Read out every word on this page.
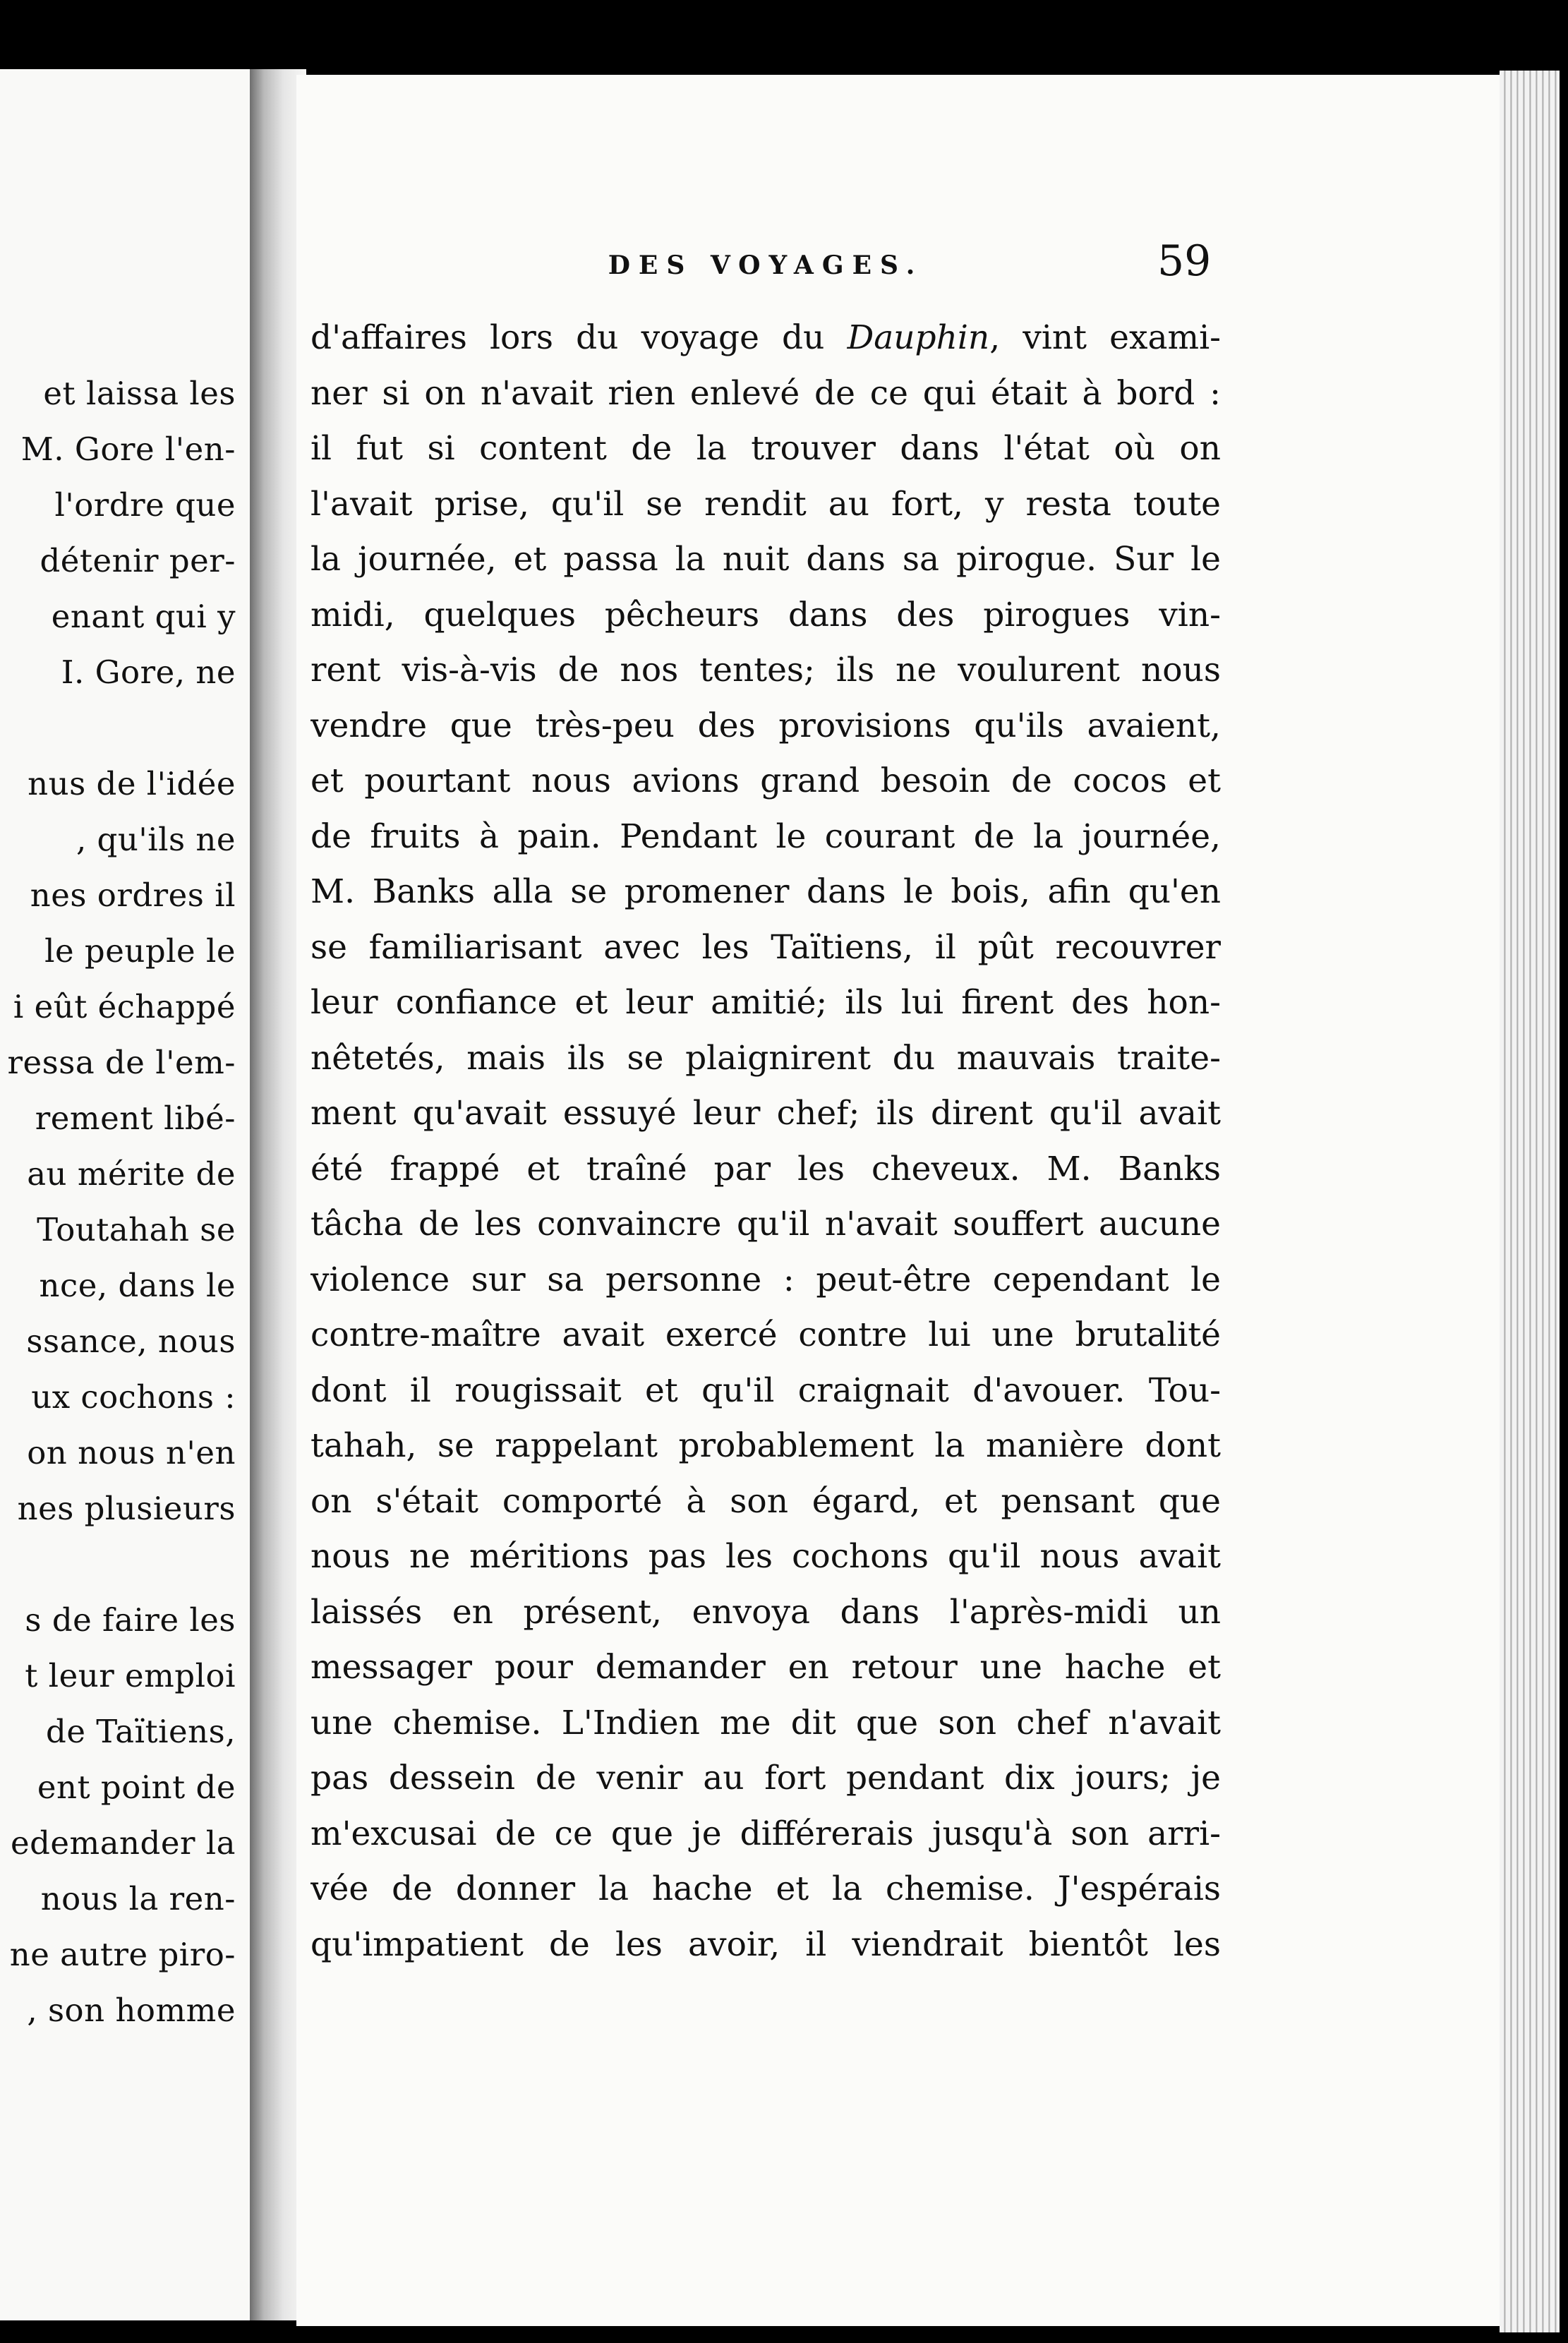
et laissa les
M. Gore l'en-
l'ordre que
détenir per-
enant qui y
I. Gore, ne
nus de l'idée
, qu'ils ne
nes ordres il
le peuple le
i eût échappé
ressa de l'em-
rement libé-
au mérite de
Toutahah se
nce, dans le
ssance, nous
ux cochons :
on nous n'en
nes plusieurs
s de faire les
t leur emploi
de Taïtiens,
ent point de
edemander la
nous la ren-
ne autre piro-
, son homme
DES VOYAGES.	59
d'affaires lors du voyage du Dauphin, vint exami-
ner si on n'avait rien enlevé de ce qui était à bord :
il fut si content de la trouver dans l'état où on
l'avait prise, qu'il se rendit au fort, y resta toute
la journée, et passa la nuit dans sa pirogue. Sur le
midi, quelques pêcheurs dans des pirogues vin-
rent vis-à-vis de nos tentes; ils ne voulurent nous
vendre que très-peu des provisions qu'ils avaient,
et pourtant nous avions grand besoin de cocos et
de fruits à pain. Pendant le courant de la journée,
M. Banks alla se promener dans le bois, afin qu'en
se familiarisant avec les Taïtiens, il pût recouvrer
leur confiance et leur amitié; ils lui firent des hon-
nêtetés, mais ils se plaignirent du mauvais traite-
ment qu'avait essuyé leur chef; ils dirent qu'il avait
été frappé et traîné par les cheveux. M. Banks
tâcha de les convaincre qu'il n'avait souffert aucune
violence sur sa personne : peut-être cependant le
contre-maître avait exercé contre lui une brutalité
dont il rougissait et qu'il craignait d'avouer. Tou-
tahah, se rappelant probablement la manière dont
on s'était comporté à son égard, et pensant que
nous ne méritions pas les cochons qu'il nous avait
laissés en présent, envoya dans l'après-midi un
messager pour demander en retour une hache et
une chemise. L'Indien me dit que son chef n'avait
pas dessein de venir au fort pendant dix jours; je
m'excusai de ce que je différerais jusqu'à son arri-
vée de donner la hache et la chemise. J'espérais
qu'impatient de les avoir, il viendrait bientôt les
